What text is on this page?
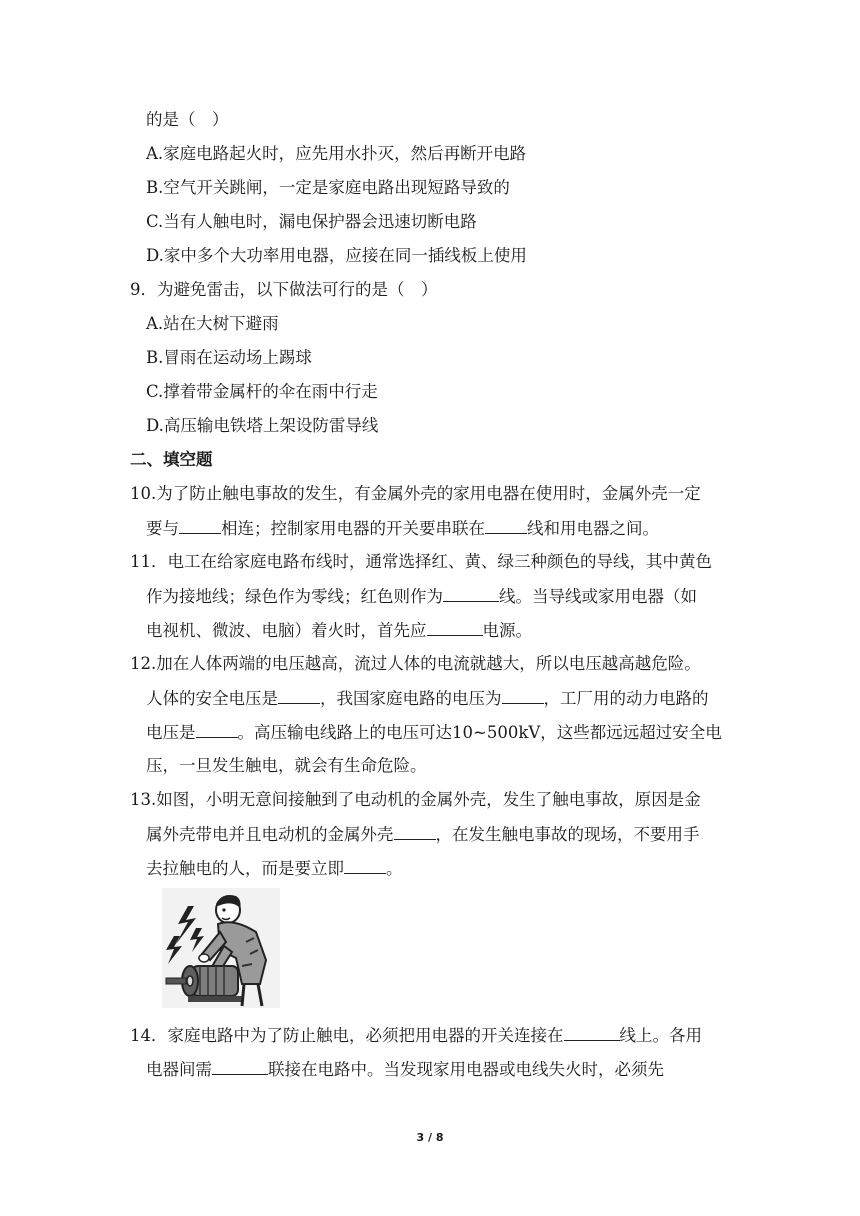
的是（　）
A.家庭电路起火时，应先用水扑灭，然后再断开电路
B.空气开关跳闸，一定是家庭电路出现短路导致的
C.当有人触电时，漏电保护器会迅速切断电路
D.家中多个大功率用电器，应接在同一插线板上使用
9．为避免雷击，以下做法可行的是（　）
A.站在大树下避雨
B.冒雨在运动场上踢球
C.撑着带金属杆的伞在雨中行走
D.高压输电铁塔上架设防雷导线
二、填空题
10.为了防止触电事故的发生，有金属外壳的家用电器在使用时，金属外壳一定
要与	相连；控制家用电器的开关要串联在	线和用电器之间。
11．电工在给家庭电路布线时，通常选择红、黄、绿三种颜色的导线，其中黄色
作为接地线；绿色作为零线；红色则作为	线。当导线或家用电器（如
电视机、微波、电脑）着火时，首先应	电源。
12.加在人体两端的电压越高，流过人体的电流就越大，所以电压越高越危险。
人体的安全电压是	，我国家庭电路的电压为	，工厂用的动力电路的
电压是	。高压输电线路上的电压可达10~500kV，这些都远远超过安全电
压，一旦发生触电，就会有生命危险。
13.如图，小明无意间接触到了电动机的金属外壳，发生了触电事故，原因是金
属外壳带电并且电动机的金属外壳	，在发生触电事故的现场，不要用手
去拉触电的人，而是要立即	。
14．家庭电路中为了防止触电，必须把用电器的开关连接在	线上。各用
电器间需	联接在电路中。当发现家用电器或电线失火时，必须先
3 / 8
